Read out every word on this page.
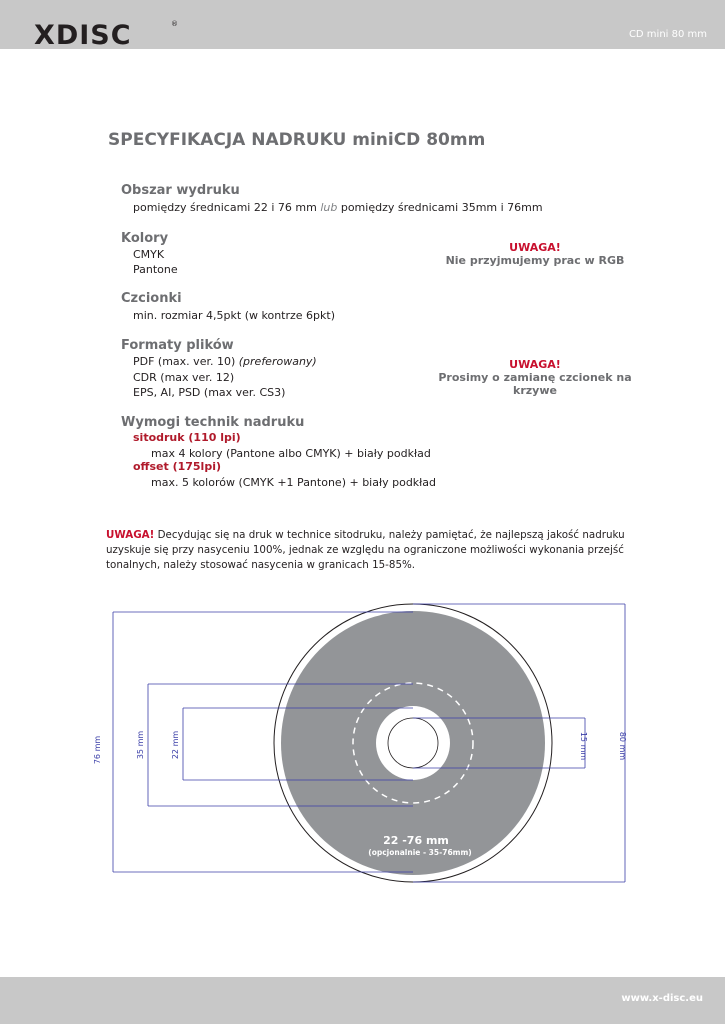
XDISC	®
CD mini 80 mm
SPECYFIKACJA NADRUKU miniCD 80mm
Obszar wydruku
pomiędzy średnicami 22 i 76 mm lub pomiędzy średnicami 35mm i 76mm
Kolory
CMYK
Pantone
UWAGA!
Nie przyjmujemy prac w RGB
Czcionki
min. rozmiar 4,5pkt (w kontrze 6pkt)
Formaty plików
PDF (max. ver. 10) (preferowany)
CDR (max ver. 12)
EPS, AI, PSD (max ver. CS3)
UWAGA!
Prosimy o zamianę czcionek na krzywe
Wymogi technik nadruku
sitodruk (110 lpi)
max 4 kolory (Pantone albo CMYK) + biały podkład
offset (175lpi)
max. 5 kolorów (CMYK +1 Pantone) + biały podkład
UWAGA! Decydując się na druk w technice sitodruku, należy pamiętać, że najlepszą jakość nadruku uzyskuje się przy nasyceniu 100%, jednak ze względu na ograniczone możliwości wykonania przejść tonalnych, należy stosować nasycenia w granicach 15-85%.
76 mm	35 mm	22 mm	15 mm	80 mm
22 -76 mm
(opcjonalnie - 35-76mm)
www.x-disc.eu
